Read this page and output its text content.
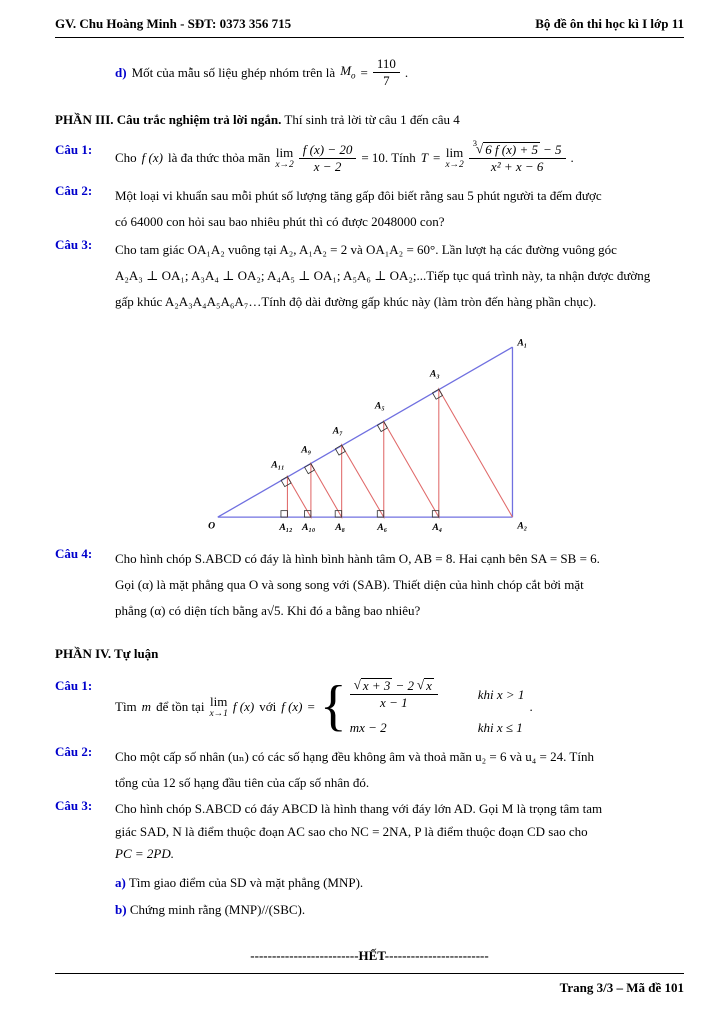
GV. Chu Hoàng Minh - SĐT: 0373 356 715	Bộ đề ôn thi học kì I lớp 11
d) Mốt của mẫu số liệu ghép nhóm trên là $M_o = \frac{110}{7}$ .
PHẦN III. Câu trắc nghiệm trả lời ngắn. Thí sinh trả lời từ câu 1 đến câu 4
Câu 1:
Cho f (x) là đa thức thỏa mãn lim
$x\to 2 \frac{f (x) - 20}{x - 2} = 10$. Tính T = lim
$x\to 2 \frac{3 √ 6 f (x) + 5 - 5}{\text{x² + x − 6}}$ .
Câu 2:	Một loại vi khuẩn sau mỗi phút số lượng tăng gấp đôi biết rằng sau 5 phút người ta đếm được
có 64000 con hỏi sau bao nhiêu phút thì có được 2048000 con?
Câu 3:	Cho tam giác OA₁A₂ vuông tại A₂, A₁A₂ = 2 và OA₁A₂ = 60°. Lần lượt hạ các đường vuông góc
A₂A₃ ⊥ OA₁; A₃A₄ ⊥ OA₂; A₄A₅ ⊥ OA₁; A₅A₆ ⊥ OA₂;...Tiếp tục quá trình này, ta nhận được đường
gấp khúc A₂A₃A₄A₅A₆A₇…Tính độ dài đường gấp khúc này (làm tròn đến hàng phần chục).
O
A₁
A₂
A₃
A₅
A₇
A₉
A₁₁
A₁₂ A₁₀ A₈	A₆	A₄
Câu 4:	Cho hình chóp S.ABCD có đáy là hình bình hành tâm O, AB = 8. Hai cạnh bên SA = SB = 6.
Gọi (α) là mặt phẳng qua O và song song với (SAB). Thiết diện của hình chóp cắt bởi mặt
phẳng (α) có diện tích bằng a√5. Khi đó a bằng bao nhiêu?
PHẦN IV. Tự luận
Câu 1:
Tìm m để tồn tại lim
x→1 f (x) với f (x) = { $\frac{√ x + 3 - 2 √ x}{x - 1}$	khi x > 1
mx − 2	khi x ≤ 1
.
Câu 2:	Cho một cấp số nhân (uₙ) có các số hạng đều không âm và thoả mãn u₂ = 6 và u₄ = 24. Tính
tổng của 12 số hạng đầu tiên của cấp số nhân đó.
Câu 3:	Cho hình chóp S.ABCD có đáy ABCD là hình thang với đáy lớn AD. Gọi M là trọng tâm tam
giác SAD, N là điểm thuộc đoạn AC sao cho NC = 2NA, P là điểm thuộc đoạn CD sao cho
PC = 2PD.
a) Tìm giao điểm của SD và mặt phẳng (MNP).
b) Chứng minh rằng (MNP)//(SBC).
-------------------------HẾT------------------------
Trang 3/3 – Mã đề 101
